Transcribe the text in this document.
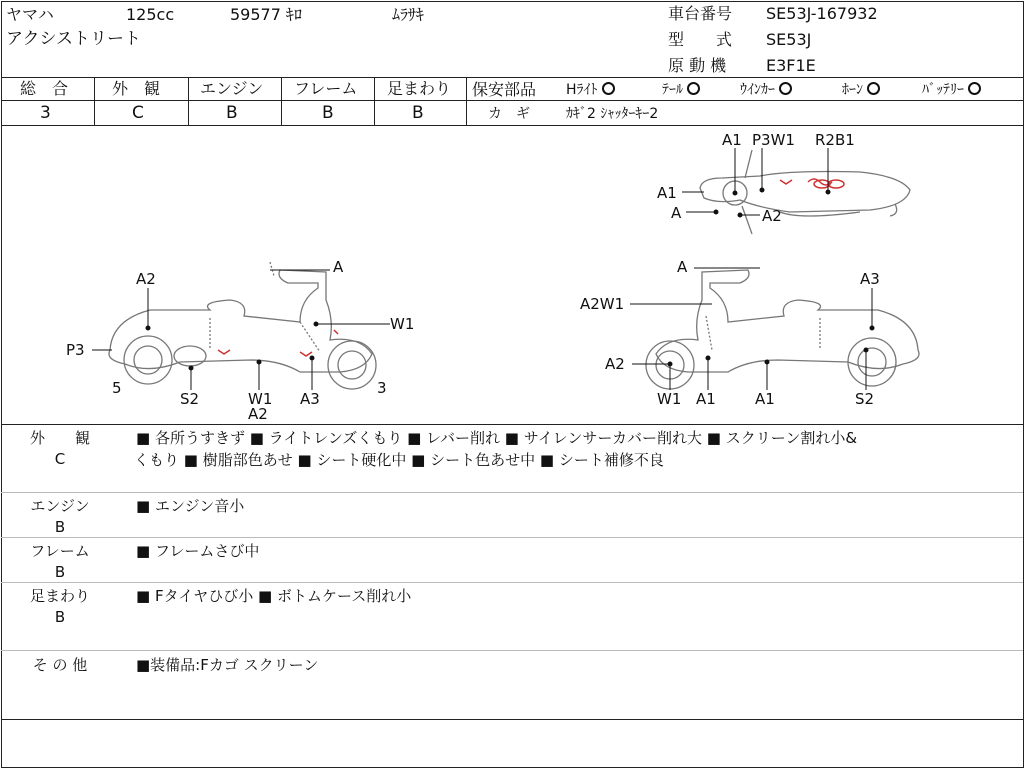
ヤマハ	125cc	59577 ｷﾛ	ﾑﾗｻｷ
アクシストリート
車台番号 SE53J-167932
型　　式 SE53J
原 動 機 E3F1E
総　合
3
外　観
C
エンジン
B
フレーム
B
足まわり
B
保安部品 Hﾗｲﾄ	ﾃｰﾙ	ｳｲﾝｶｰ	ﾎｰﾝ	ﾊﾞｯﾃﾘｰ
カ　ギ	ｶｷﾞ2 ｼｬｯﾀｰｷｰ2
A1 P3W1 R2B1
A1
A	A2
A2
A
W1
P3
5
S2	W1
A2
A3
3
A
A3
A2W1
A2
W1 A1	A1	S2
外　　観
C
■ 各所うすきず ■ ライトレンズくもり ■ レバー削れ ■ サイレンサーカバー削れ大 ■ スクリーン割れ小&
くもり ■ 樹脂部色あせ ■ シート硬化中 ■ シート色あせ中 ■ シート補修不良
エンジン
B
■ エンジン音小
フレーム
B
■ フレームさび中
足まわり
B
■ Fタイヤひび小 ■ ボトムケース削れ小
そ の 他	■装備品:Fカゴ スクリーン
